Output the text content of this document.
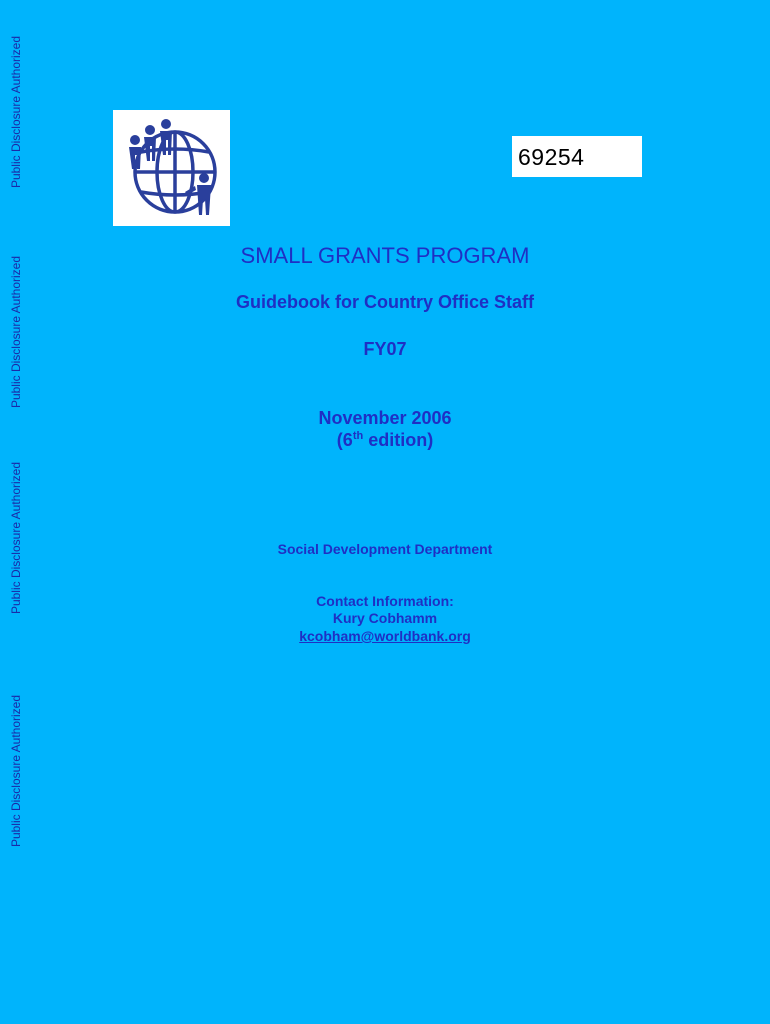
Public Disclosure Authorized
Public Disclosure Authorized
Public Disclosure Authorized
Public Disclosure Authorized
69254
SMALL GRANTS PROGRAM
Guidebook for Country Office Staff
FY07
November 2006
(6th edition)
Social Development Department
Contact Information:
Kury Cobhamm
kcobham@worldbank.org
